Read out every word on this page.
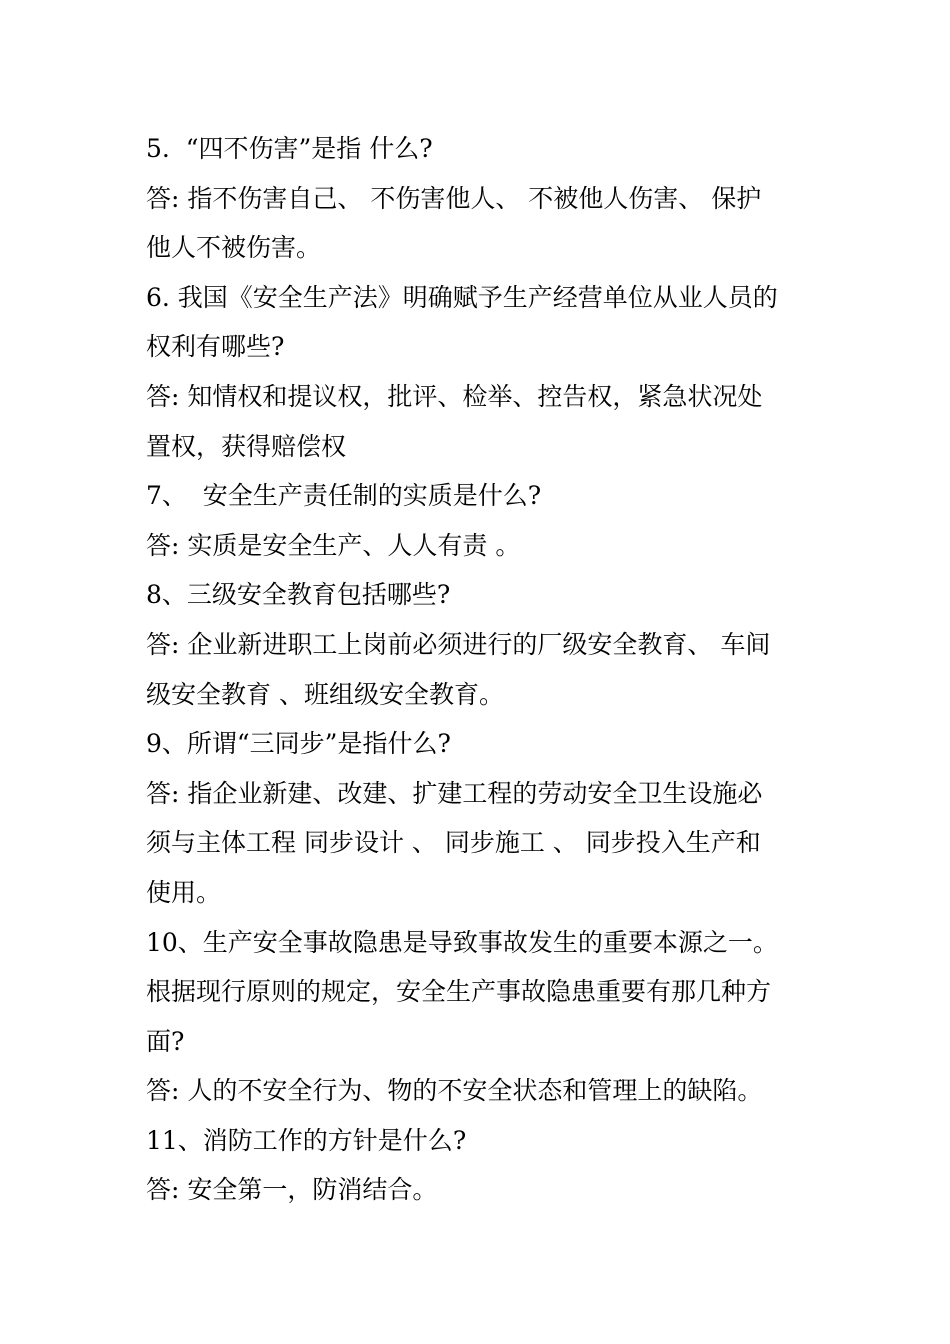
5.  “四不伤害”是指 什么?
答: 指不伤害自己、 不伤害他人、 不被他人伤害、 保护
他人不被伤害。
6. 我国《安全生产法》明确赋予生产经营单位从业人员的
权利有哪些?
答: 知情权和提议权，批评、检举、控告权，紧急状况处
置权，获得赔偿权
7、  安全生产责任制的实质是什么?
答: 实质是安全生产、人人有责 。
8、三级安全教育包括哪些?
答: 企业新进职工上岗前必须进行的厂级安全教育、 车间
级安全教育 、班组级安全教育。
9、所谓“三同步”是指什么?
答: 指企业新建、改建、扩建工程的劳动安全卫生设施必
须与主体工程 同步设计 、 同步施工 、 同步投入生产和
使用。
10、生产安全事故隐患是导致事故发生的重要本源之一。
根据现行原则的规定，安全生产事故隐患重要有那几种方
面?
答: 人的不安全行为、物的不安全状态和管理上的缺陷。
11、消防工作的方针是什么?
答: 安全第一，防消结合。
